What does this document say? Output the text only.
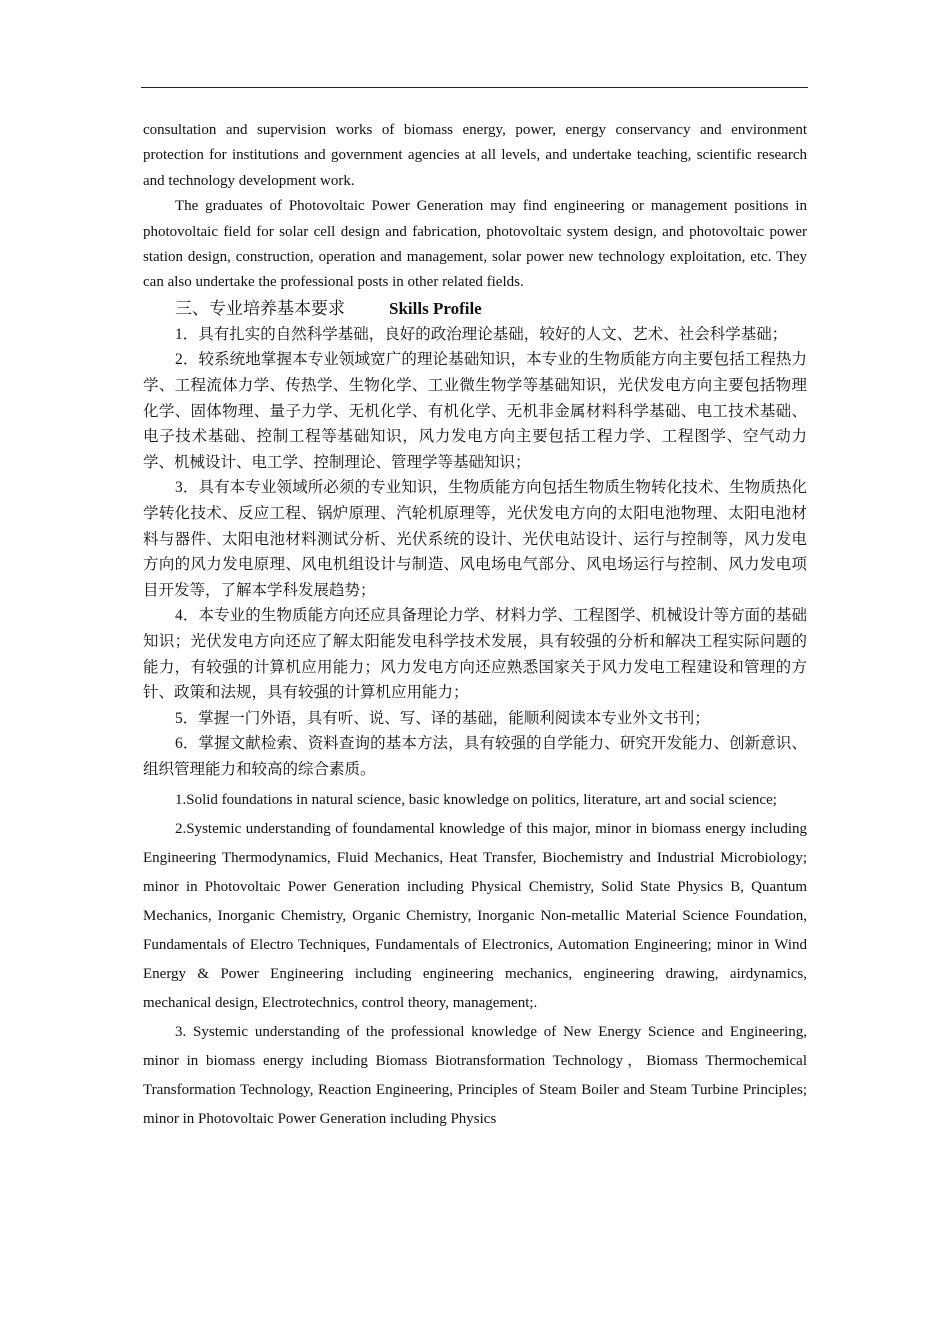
consultation and supervision works of biomass energy, power, energy conservancy and environment protection for institutions and government agencies at all levels, and undertake teaching, scientific research and technology development work.

The graduates of Photovoltaic Power Generation may find engineering or management positions in photovoltaic field for solar cell design and fabrication, photovoltaic system design, and photovoltaic power station design, construction, operation and management, solar power new technology exploitation, etc. They can also undertake the professional posts in other related fields.

三、专业培养基本要求	Skills Profile

1．具有扎实的自然科学基础，良好的政治理论基础，较好的人文、艺术、社会科学基础；

2．较系统地掌握本专业领域宽广的理论基础知识，本专业的生物质能方向主要包括工程热力学、工程流体力学、传热学、生物化学、工业微生物学等基础知识，光伏发电方向主要包括物理化学、固体物理、量子力学、无机化学、有机化学、无机非金属材料科学基础、电工技术基础、电子技术基础、控制工程等基础知识，风力发电方向主要包括工程力学、工程图学、空气动力学、机械设计、电工学、控制理论、管理学等基础知识；

3．具有本专业领域所必须的专业知识，生物质能方向包括生物质生物转化技术、生物质热化学转化技术、反应工程、锅炉原理、汽轮机原理等，光伏发电方向的太阳电池物理、太阳电池材料与器件、太阳电池材料测试分析、光伏系统的设计、光伏电站设计、运行与控制等，风力发电方向的风力发电原理、风电机组设计与制造、风电场电气部分、风电场运行与控制、风力发电项目开发等，了解本学科发展趋势；

4．本专业的生物质能方向还应具备理论力学、材料力学、工程图学、机械设计等方面的基础知识；光伏发电方向还应了解太阳能发电科学技术发展，具有较强的分析和解决工程实际问题的能力，有较强的计算机应用能力；风力发电方向还应熟悉国家关于风力发电工程建设和管理的方针、政策和法规，具有较强的计算机应用能力；

5．掌握一门外语，具有听、说、写、译的基础，能顺利阅读本专业外文书刊；

6．掌握文献检索、资料查询的基本方法，具有较强的自学能力、研究开发能力、创新意识、组织管理能力和较高的综合素质。

1.Solid foundations in natural science, basic knowledge on politics, literature, art and social science;

2.Systemic understanding of foundamental knowledge of this major, minor in biomass energy including Engineering Thermodynamics, Fluid Mechanics, Heat Transfer, Biochemistry and Industrial Microbiology; minor in Photovoltaic Power Generation including Physical Chemistry, Solid State Physics B, Quantum Mechanics, Inorganic Chemistry, Organic Chemistry, Inorganic Non-metallic Material Science Foundation, Fundamentals of Electro Techniques, Fundamentals of Electronics, Automation Engineering; minor in Wind Energy & Power Engineering including engineering mechanics, engineering drawing, airdynamics, mechanical design, Electrotechnics, control theory, management;.

3. Systemic understanding of the professional knowledge of New Energy Science and Engineering, minor in biomass energy including Biomass Biotransformation Technology，Biomass Thermochemical Transformation Technology, Reaction Engineering, Principles of Steam Boiler and Steam Turbine Principles; minor in Photovoltaic Power Generation including Physics
